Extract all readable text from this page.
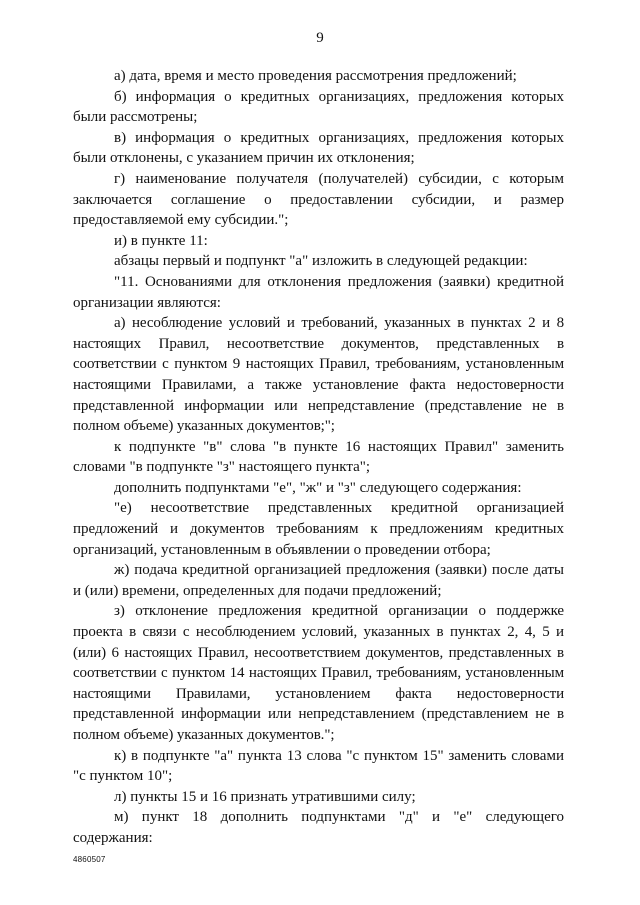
9

а) дата, время и место проведения рассмотрения предложений;

б) информация о кредитных организациях, предложения которых были рассмотрены;

в) информация о кредитных организациях, предложения которых были отклонены, с указанием причин их отклонения;

г) наименование получателя (получателей) субсидии, с которым заключается соглашение о предоставлении субсидии, и размер предоставляемой ему субсидии.";

и) в пункте 11:

абзацы первый и подпункт "а" изложить в следующей редакции:

"11. Основаниями для отклонения предложения (заявки) кредитной организации являются:

а) несоблюдение условий и требований, указанных в пунктах 2 и 8 настоящих Правил, несоответствие документов, представленных в соответствии с пунктом 9 настоящих Правил, требованиям, установленным настоящими Правилами, а также установление факта недостоверности представленной информации или непредставление (представление не в полном объеме) указанных документов;";

к подпункте "в" слова "в пункте 16 настоящих Правил" заменить словами "в подпункте "з" настоящего пункта";

дополнить подпунктами "е", "ж" и "з" следующего содержания:

"е) несоответствие представленных кредитной организацией предложений и документов требованиям к предложениям кредитных организаций, установленным в объявлении о проведении отбора;

ж) подача кредитной организацией предложения (заявки) после даты и (или) времени, определенных для подачи предложений;

з) отклонение предложения кредитной организации о поддержке проекта в связи с несоблюдением условий, указанных в пунктах 2, 4, 5 и (или) 6 настоящих Правил, несоответствием документов, представленных в соответствии с пунктом 14 настоящих Правил, требованиям, установленным настоящими Правилами, установлением факта недостоверности представленной информации или непредставлением (представлением не в полном объеме) указанных документов.";

к) в подпункте "а" пункта 13 слова "с пунктом 15" заменить словами "с пунктом 10";

л) пункты 15 и 16 признать утратившими силу;

м) пункт 18 дополнить подпунктами "д" и "е" следующего содержания:

4860507
